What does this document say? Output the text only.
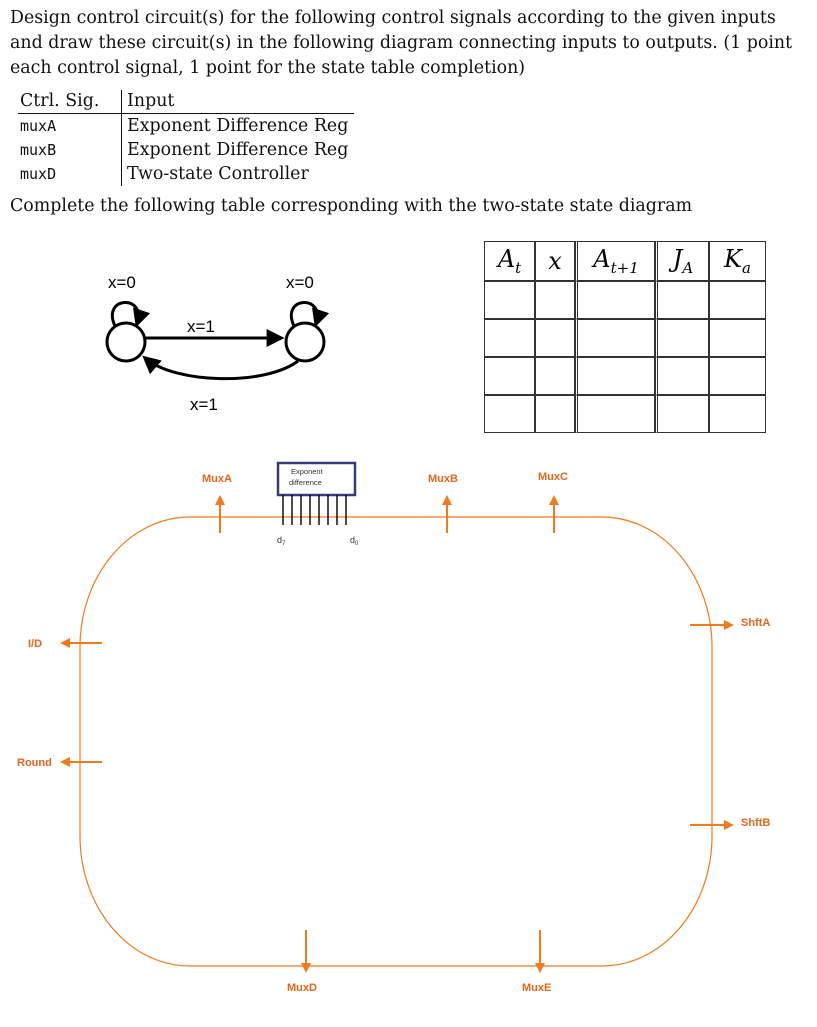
Design control circuit(s) for the following control signals according to the given inputs and draw these circuit(s) in the following diagram connecting inputs to outputs. (1 point each control signal, 1 point for the state table completion)

Ctrl. Sig.	Input
muxA	Exponent Difference Reg
muxB	Exponent Difference Reg
muxD	Two-state Controller

Complete the following table corresponding with the two-state state diagram

x=0	x=0
x=1
x=1
$A_t$	x	$A_{t+1}$	$J_A$	$K_a$

Exponent
difference
$d_7$	$d_0$
MuxA	MuxB	MuxC
I/D
Round
ShftA
ShftB
MuxD	MuxE
